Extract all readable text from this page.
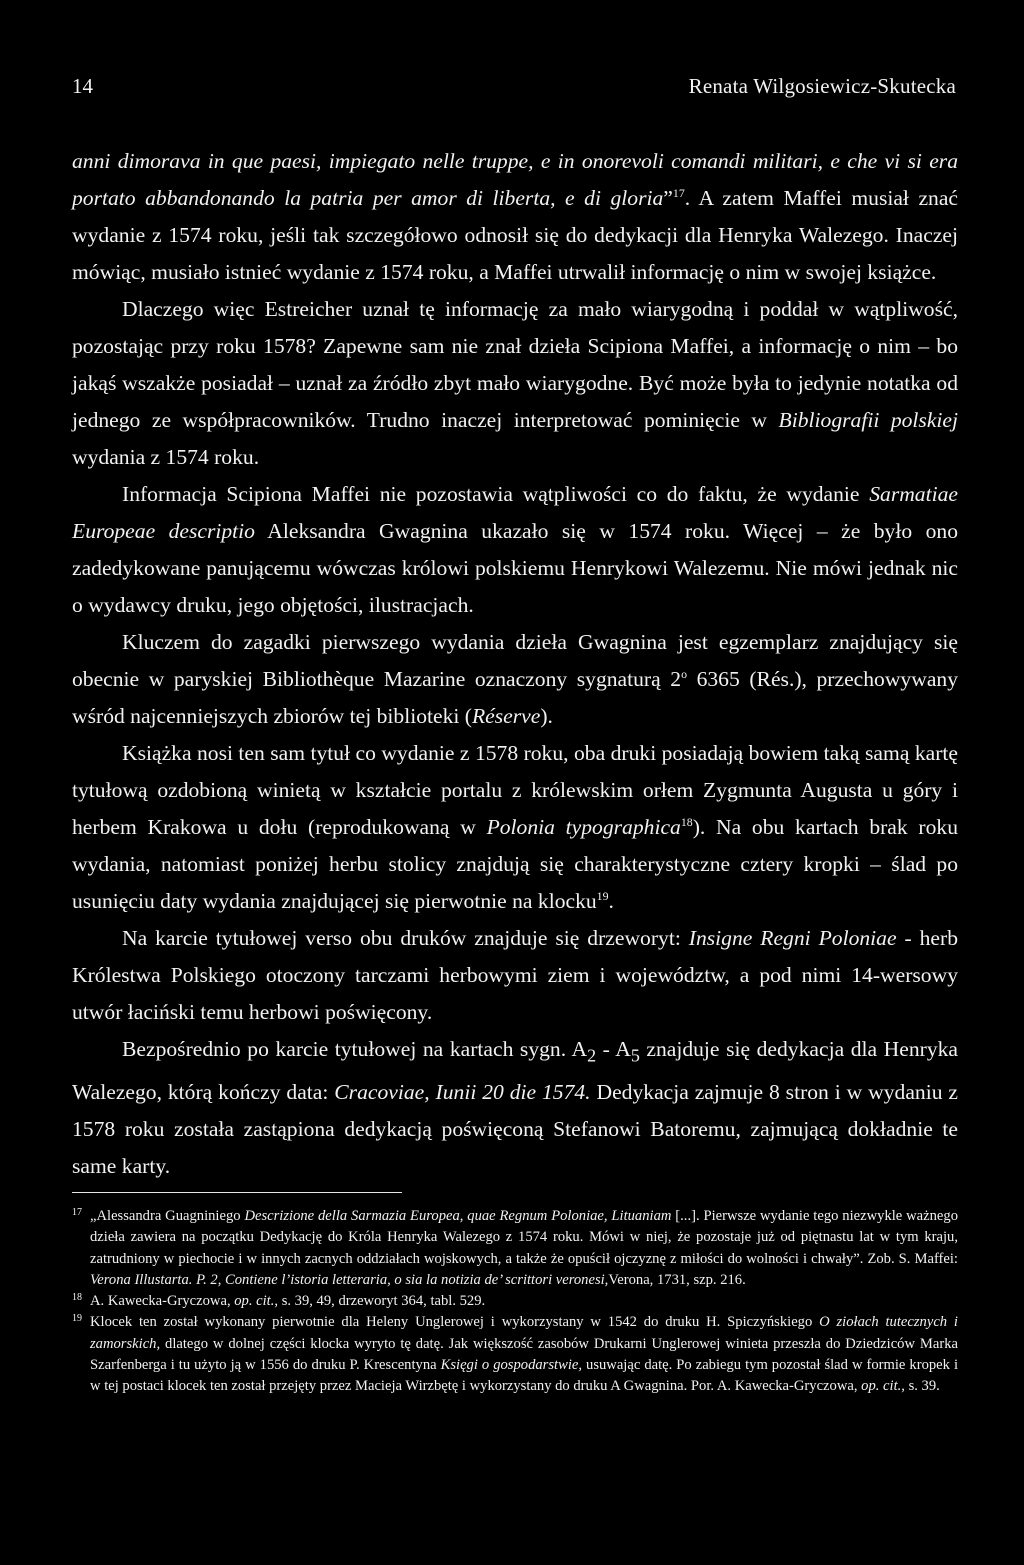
14	Renata Wilgosiewicz-Skutecka

anni dimorava in que paesi, impiegato nelle truppe, e in onorevoli comandi militari, e che vi si era portato abbandonando la patria per amor di liberta, e di gloria”$^{17}$. A zatem Maffei musiał znać wydanie z 1574 roku, jeśli tak szczegółowo odnosił się do dedykacji dla Henryka Walezego. Inaczej mówiąc, musiało istnieć wydanie z 1574 roku, a Maffei utrwalił informację o nim w swojej książce.

Dlaczego więc Estreicher uznał tę informację za mało wiarygodną i poddał w wątpliwość, pozostając przy roku 1578? Zapewne sam nie znał dzieła Scipiona Maffei, a informację o nim – bo jakąś wszakże posiadał – uznał za źródło zbyt mało wiarygodne. Być może była to jedynie notatka od jednego ze współpracowników. Trudno inaczej interpretować pominięcie w Bibliografii polskiej wydania z 1574 roku.

Informacja Scipiona Maffei nie pozostawia wątpliwości co do faktu, że wydanie Sarmatiae Europeae descriptio Aleksandra Gwagnina ukazało się w 1574 roku. Więcej – że było ono zadedykowane panującemu wówczas królowi polskiemu Henrykowi Walezemu. Nie mówi jednak nic o wydawcy druku, jego objętości, ilustracjach.

Kluczem do zagadki pierwszego wydania dzieła Gwagnina jest egzemplarz znajdujący się obecnie w paryskiej Bibliothèque Mazarine oznaczony sygnaturą 2$^o$ 6365 (Rés.), przechowywany wśród najcenniejszych zbiorów tej biblioteki (Réserve).

Książka nosi ten sam tytuł co wydanie z 1578 roku, oba druki posiadają bowiem taką samą kartę tytułową ozdobioną winietą w kształcie portalu z królewskim orłem Zygmunta Augusta u góry i herbem Krakowa u dołu (reprodukowaną w Polonia typographica$^{18}$). Na obu kartach brak roku wydania, natomiast poniżej herbu stolicy znajdują się charakterystyczne cztery kropki – ślad po usunięciu daty wydania znajdującej się pierwotnie na klocku$^{19}$.

Na karcie tytułowej verso obu druków znajduje się drzeworyt: Insigne Regni Poloniae - herb Królestwa Polskiego otoczony tarczami herbowymi ziem i województw, a pod nimi 14-wersowy utwór łaciński temu herbowi poświęcony.

Bezpośrednio po karcie tytułowej na kartach sygn. $A_2 - A_5$ znajduje się dedykacja dla Henryka Walezego, którą kończy data: Cracoviae, Iunii 20 die 1574. Dedykacja zajmuje 8 stron i w wydaniu z 1578 roku została zastąpiona dedykacją poświęconą Stefanowi Batoremu, zajmującą dokładnie te same karty.

17 „Alessandra Guagniniego Descrizione della Sarmazia Europea, quae Regnum Poloniae, Lituaniam [...]. Pierwsze wydanie tego niezwykle ważnego dzieła zawiera na początku Dedykację do Króla Henryka Walezego z 1574 roku. Mówi w niej, że pozostaje już od piętnastu lat w tym kraju, zatrudniony w piechocie i w innych zacnych oddziałach wojskowych, a także że opuścił ojczyznę z miłości do wolności i chwały”. Zob. S. Maffei: Verona Illustarta. P. 2, Contiene l’istoria letteraria, o sia la notizia de’ scrittori veronesi,Verona, 1731, szp. 216.

18 A. Kawecka-Gryczowa, op. cit., s. 39, 49, drzeworyt 364, tabl. 529.

19 Klocek ten został wykonany pierwotnie dla Heleny Unglerowej i wykorzystany w 1542 do druku H. Spiczyńskiego O ziołach tutecznych i zamorskich, dlatego w dolnej części klocka wyryto tę datę. Jak większość zasobów Drukarni Unglerowej winieta przeszła do Dziedziców Marka Szarfenberga i tu użyto ją w 1556 do druku P. Krescentyna Księgi o gospodarstwie, usuwając datę. Po zabiegu tym pozostał ślad w formie kropek i w tej postaci klocek ten został przejęty przez Macieja Wirzbętę i wykorzystany do druku A Gwagnina. Por. A. Kawecka-Gryczowa, op. cit., s. 39.
